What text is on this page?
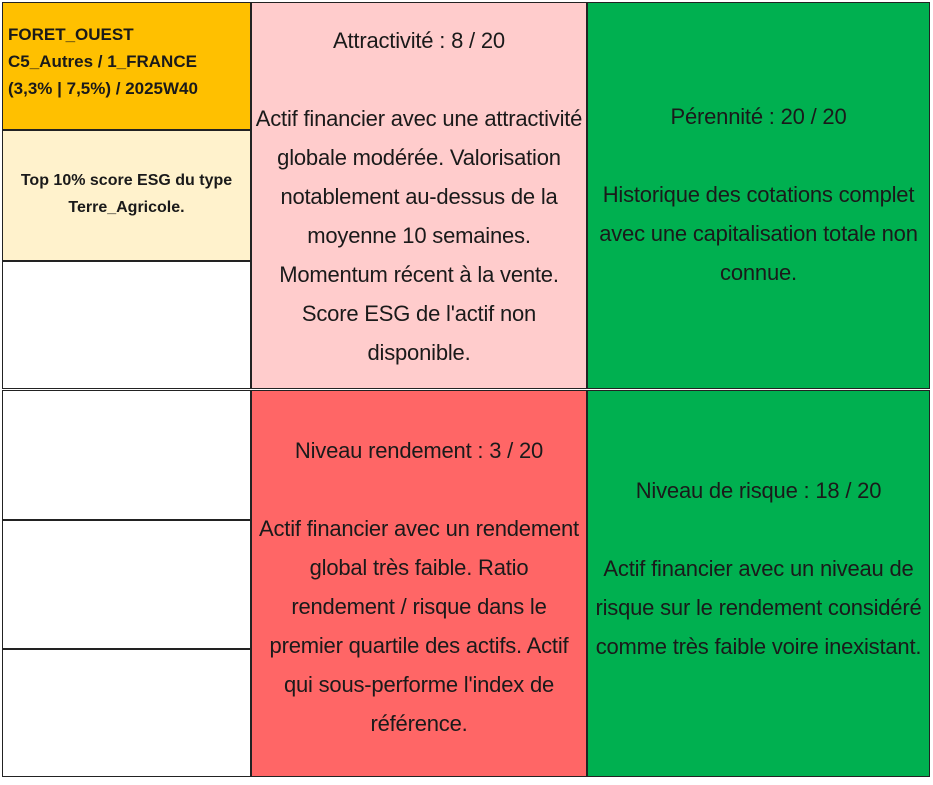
FORET_OUEST
C5_Autres / 1_FRANCE
(3,3% | 7,5%) / 2025W40
Top 10% score ESG du type Terre_Agricole.
Attractivité : 8 / 20
Actif financier avec une attractivité globale modérée. Valorisation notablement au-dessus de la moyenne 10 semaines. Momentum récent à la vente. Score ESG de l'actif non disponible.
Pérennité : 20 / 20
Historique des cotations complet avec une capitalisation totale non connue.
Niveau rendement : 3 / 20
Actif financier avec un rendement global très faible. Ratio rendement / risque dans le premier quartile des actifs. Actif qui sous-performe l'index de référence.
Niveau de risque : 18 / 20
Actif financier avec un niveau de risque sur le rendement considéré comme très faible voire inexistant.
